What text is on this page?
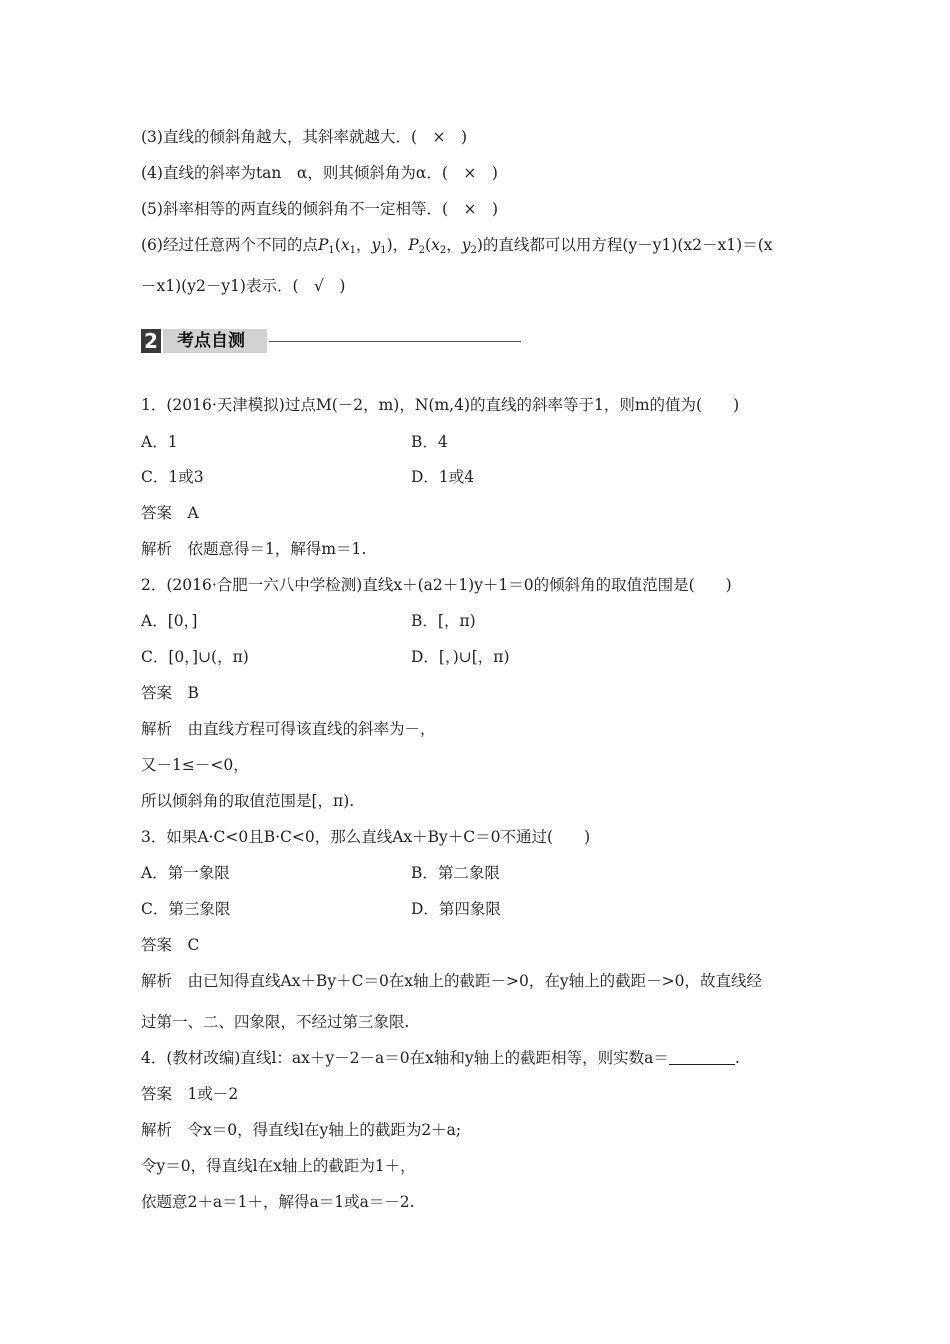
(3)直线的倾斜角越大，其斜率就越大．(　×　)
(4)直线的斜率为tan　α，则其倾斜角为α．(　×　)
(5)斜率相等的两直线的倾斜角不一定相等．(　×　)
(6)经过任意两个不同的点$P_1(x_1$，$y_1$)，$P_2(x_2$，$y_2$)的直线都可以用方程(y－y1)(x2－x1)＝(x
－x1)(y2－y1)表示．(　√　)
2 考点自测
1．(2016·天津模拟)过点M(－2，m)，N(m,4)的直线的斜率等于1，则m的值为(　　)
A．1	B．4
C．1或3	D．1或4
答案　A
解析　依题意得＝1，解得m＝1.
2．(2016·合肥一六八中学检测)直线x＋(a2＋1)y＋1＝0的倾斜角的取值范围是(　　)
A．[0，]	B．[，π)
C．[0，]∪(，π)	D．[，)∪[，π)
答案　B
解析　由直线方程可得该直线的斜率为－，
又－1≤－<0，
所以倾斜角的取值范围是[，π).
3．如果A·C<0且B·C<0，那么直线Ax＋By＋C＝0不通过(　　)
A．第一象限	B．第二象限
C．第三象限	D．第四象限
答案　C
解析　由已知得直线Ax＋By＋C＝0在x轴上的截距－>0，在y轴上的截距－>0，故直线经
过第一、二、四象限，不经过第三象限.
4．(教材改编)直线l：ax＋y－2－a＝0在x轴和y轴上的截距相等，则实数a＝	.
答案　1或－2
解析　令x＝0，得直线l在y轴上的截距为2＋a;
令y＝0，得直线l在x轴上的截距为1＋，
依题意2＋a＝1＋，解得a＝1或a＝－2.
